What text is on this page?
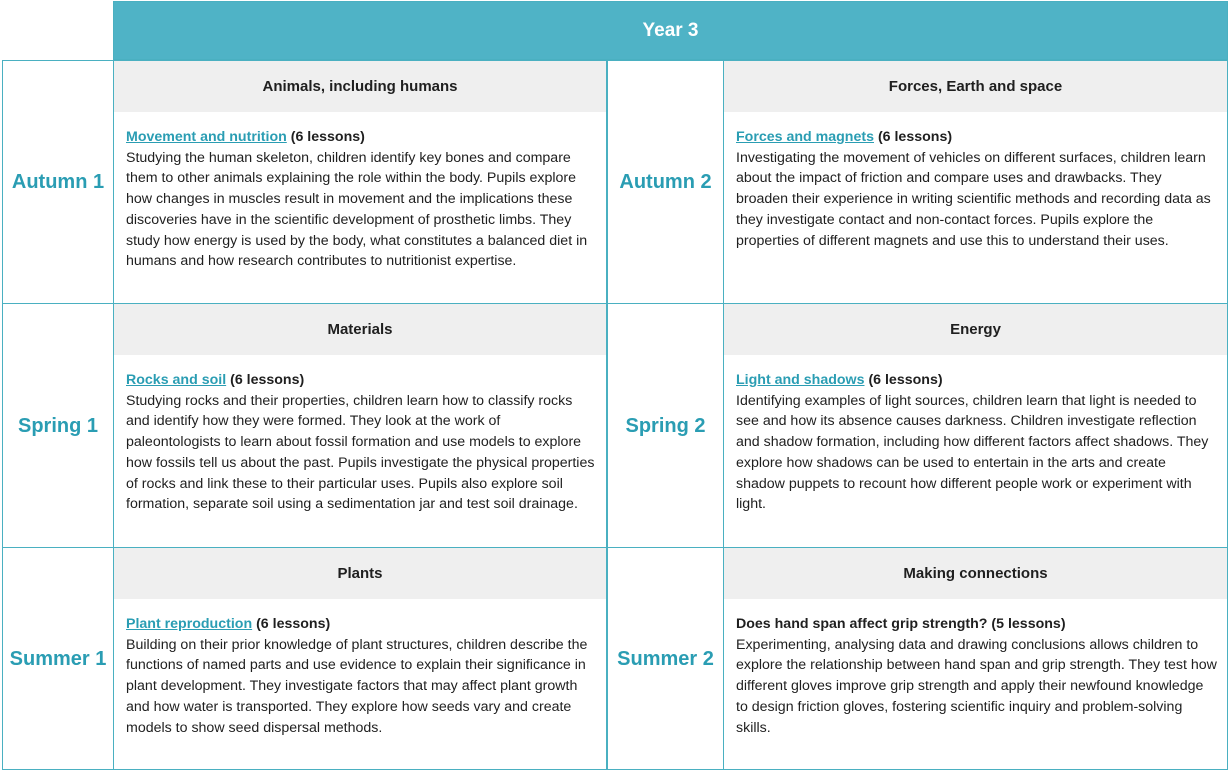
Year 3
Autumn 1
Animals, including humans
Movement and nutrition (6 lessons)
Studying the human skeleton, children identify key bones and compare them to other animals explaining the role within the body. Pupils explore how changes in muscles result in movement and the implications these discoveries have in the scientific development of prosthetic limbs. They study how energy is used by the body, what constitutes a balanced diet in humans and how research contributes to nutritionist expertise.
Autumn 2
Forces, Earth and space
Forces and magnets (6 lessons)
Investigating the movement of vehicles on different surfaces, children learn about the impact of friction and compare uses and drawbacks. They broaden their experience in writing scientific methods and recording data as they investigate contact and non-contact forces. Pupils explore the properties of different magnets and use this to understand their uses.
Spring 1
Materials
Rocks and soil (6 lessons)
Studying rocks and their properties, children learn how to classify rocks and identify how they were formed. They look at the work of paleontologists to learn about fossil formation and use models to explore how fossils tell us about the past. Pupils investigate the physical properties of rocks and link these to their particular uses. Pupils also explore soil formation, separate soil using a sedimentation jar and test soil drainage.
Spring 2
Energy
Light and shadows (6 lessons)
Identifying examples of light sources, children learn that light is needed to see and how its absence causes darkness. Children investigate reflection and shadow formation, including how different factors affect shadows. They explore how shadows can be used to entertain in the arts and create shadow puppets to recount how different people work or experiment with light.
Summer 1
Plants
Plant reproduction (6 lessons)
Building on their prior knowledge of plant structures, children describe the functions of named parts and use evidence to explain their significance in plant development. They investigate factors that may affect plant growth and how water is transported. They explore how seeds vary and create models to show seed dispersal methods.
Summer 2
Making connections
Does hand span affect grip strength? (5 lessons)
Experimenting, analysing data and drawing conclusions allows children to explore the relationship between hand span and grip strength. They test how different gloves improve grip strength and apply their newfound knowledge to design friction gloves, fostering scientific inquiry and problem-solving skills.
